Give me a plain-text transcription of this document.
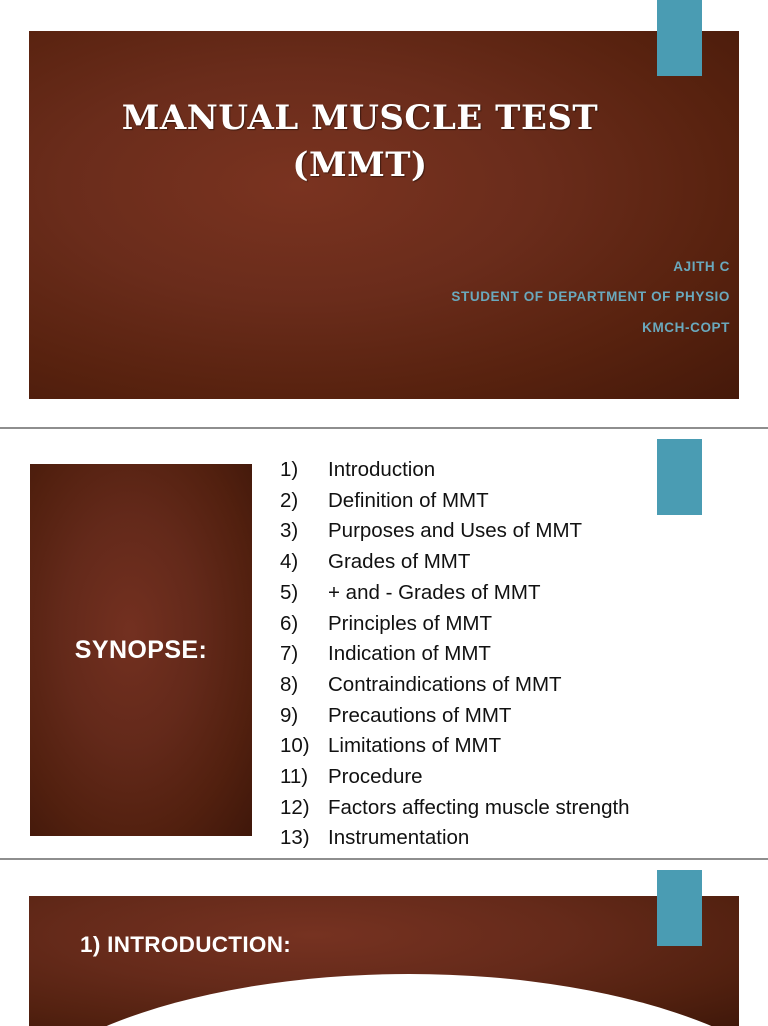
MANUAL MUSCLE TEST (MMT)
AJITH C
STUDENT OF DEPARTMENT OF PHYSIO
KMCH-COPT
SYNOPSE:
1)	Introduction
2)	Definition of MMT
3)	Purposes and Uses of MMT
4)	Grades of MMT
5)	+ and - Grades of MMT
6)	Principles of MMT
7)	Indication of MMT
8)	Contraindications of MMT
9)	Precautions of MMT
10) Limitations of MMT
11) Procedure
12) Factors affecting muscle strength
13) Instrumentation
1) INTRODUCTION:
